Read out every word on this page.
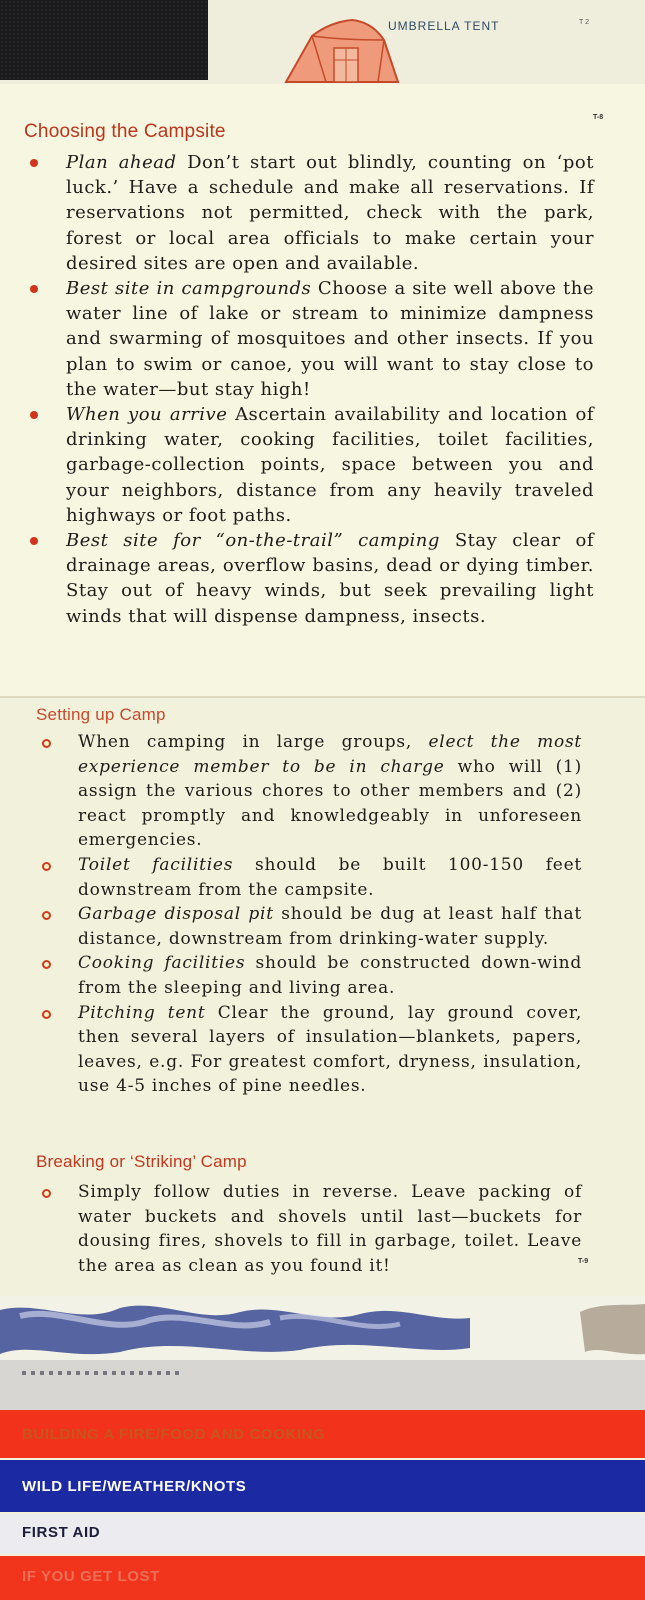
UMBRELLA TENT	T 2
T-8
Choosing the Campsite
Plan ahead Don’t start out blindly, counting on ‘pot luck.’ Have a schedule and make all reservations. If reservations not permitted, check with the park, forest or local area officials to make certain your desired sites are open and available.
Best site in campgrounds Choose a site well above the water line of lake or stream to minimize dampness and swarming of mosquitoes and other insects. If you plan to swim or canoe, you will want to stay close to the water—but stay high!
When you arrive Ascertain availability and location of drinking water, cooking facilities, toilet facilities, garbage-collection points, space between you and your neighbors, distance from any heavily traveled highways or foot paths.
Best site for “on-the-trail” camping Stay clear of drainage areas, overflow basins, dead or dying timber. Stay out of heavy winds, but seek prevailing light winds that will dispense dampness, insects.
Setting up Camp
When camping in large groups, elect the most experience member to be in charge who will (1) assign the various chores to other members and (2) react promptly and knowledgeably in unforeseen emergencies.
Toilet facilities should be built 100-150 feet downstream from the campsite.
Garbage disposal pit should be dug at least half that distance, downstream from drinking-water supply.
Cooking facilities should be constructed down-wind from the sleeping and living area.
Pitching tent Clear the ground, lay ground cover, then several layers of insulation—blankets, papers, leaves, e.g. For greatest comfort, dryness, insulation, use 4-5 inches of pine needles.
Breaking or ‘Striking’ Camp
Simply follow duties in reverse. Leave packing of water buckets and shovels until last—buckets for dousing fires, shovels to fill in garbage, toilet. Leave the area as clean as you found it!	T-9
BUILDING A FIRE/FOOD AND COOKING
WILD LIFE/WEATHER/KNOTS
FIRST AID
IF YOU GET LOST
